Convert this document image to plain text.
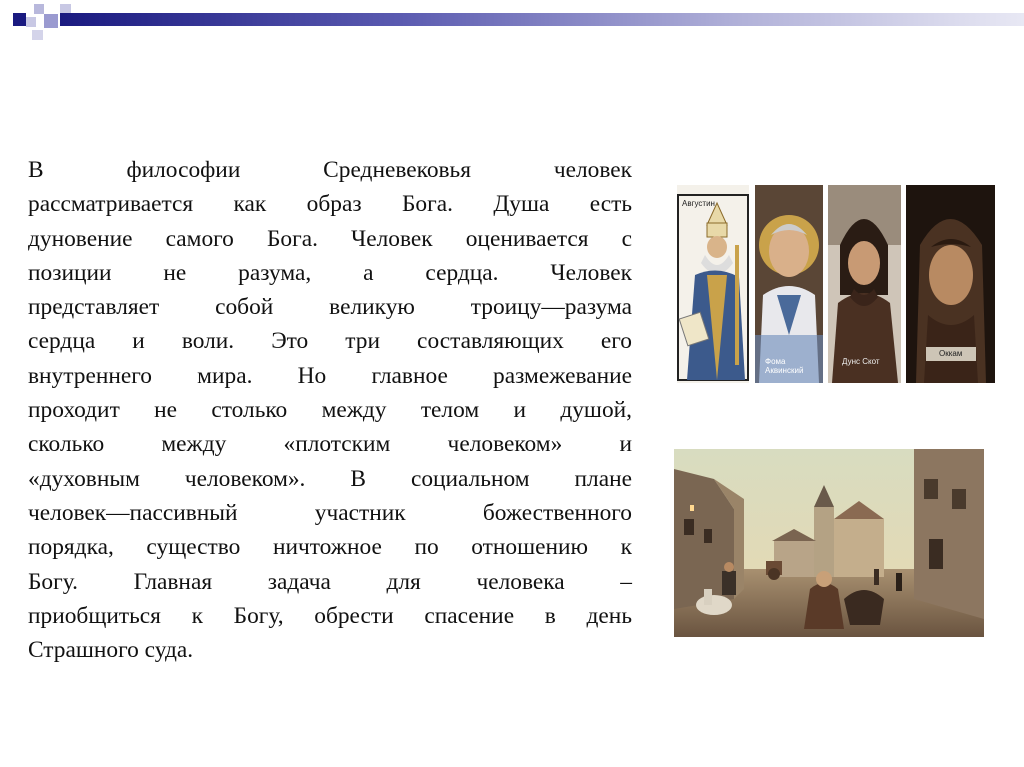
В философии Средневековья человек
рассматривается как образ Бога. Душа есть
дуновение самого Бога. Человек оценивается с
позиции не разума, а сердца. Человек
представляет собой великую троицу—разума
сердца и воли. Это три составляющих его
внутреннего мира. Но главное размежевание
проходит не столько между телом и душой,
сколько между «плотским человеком» и
«духовным человеком». В социальном плане
человек—пассивный участник божественного
порядка, существо ничтожное по отношению к
Богу. Главная задача для человека –
приобщиться к Богу, обрести спасение в день
Страшного суда.
Августин
Фома Аквинский
Дунс Скот
Оккам
